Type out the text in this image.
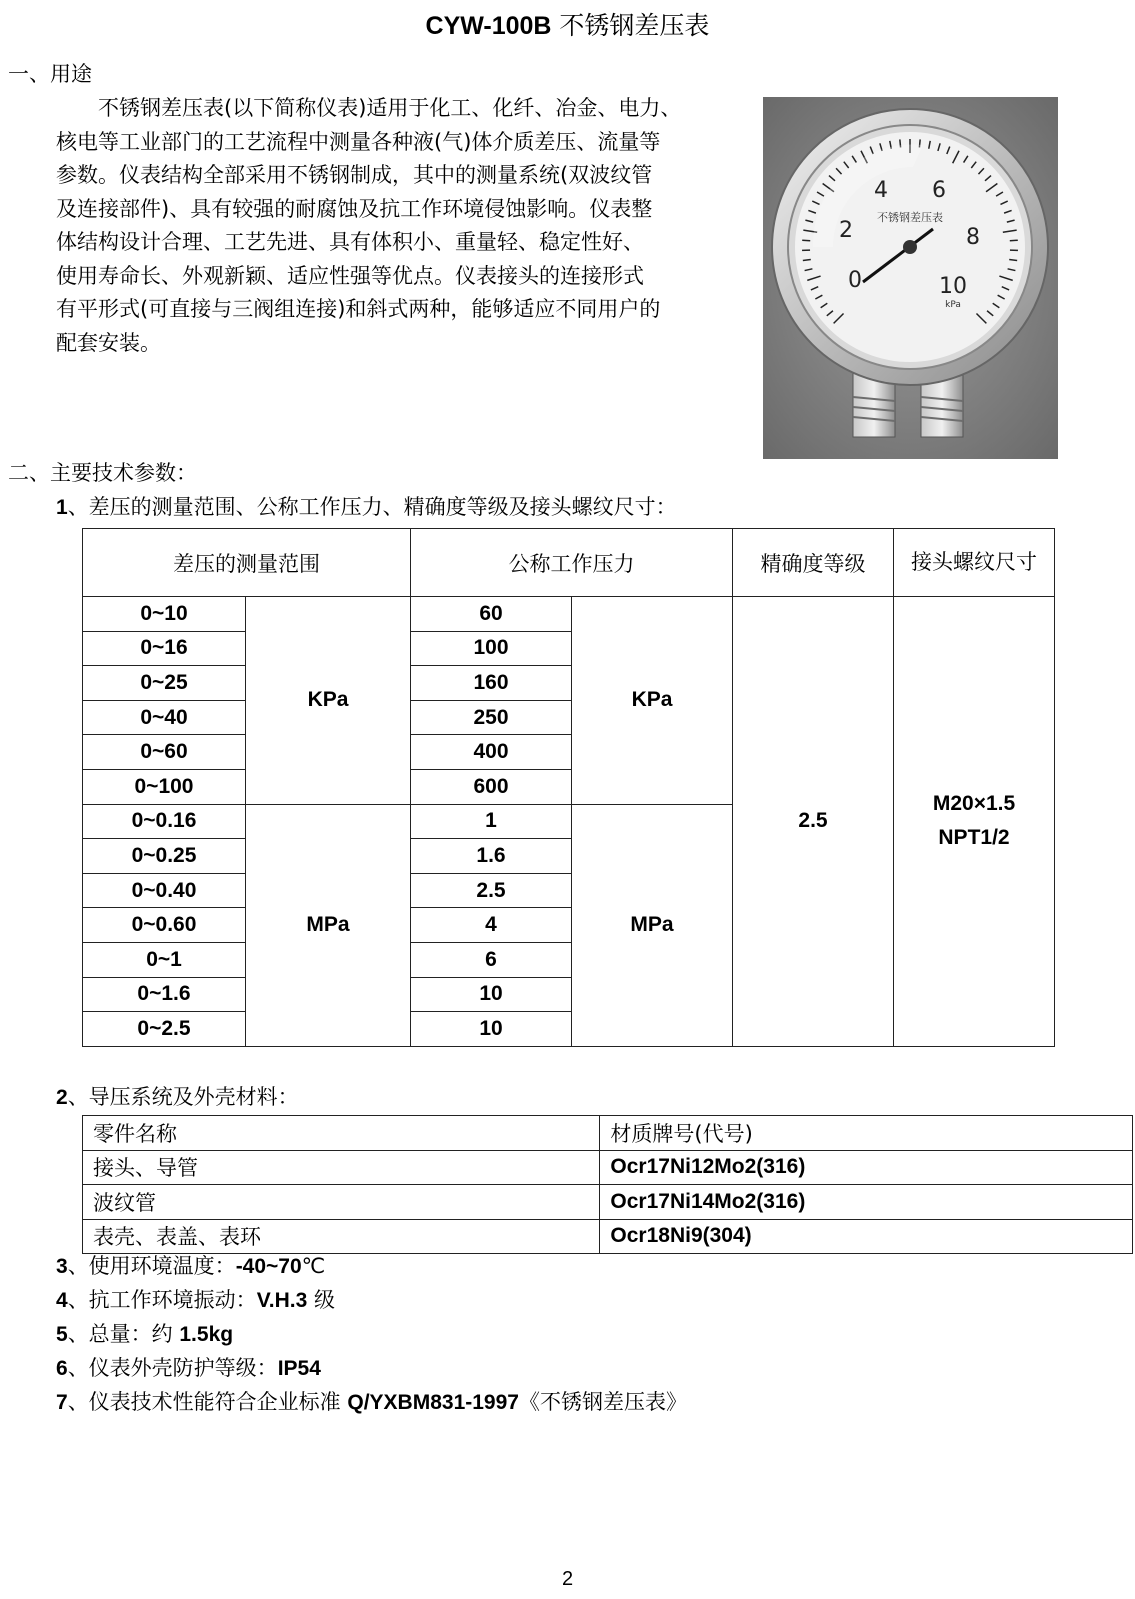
CYW-100B 不锈钢差压表
一、用途

不锈钢差压表(以下简称仪表)适用于化工、化纤、冶金、电力、

核电等工业部门的工艺流程中测量各种液(气)体介质差压、流量等
参数。仪表结构全部采用不锈钢制成，其中的测量系统(双波纹管
及连接部件)、具有较强的耐腐蚀及抗工作环境侵蚀影响。仪表整
体结构设计合理、工艺先进、具有体积小、重量轻、稳定性好、
使用寿命长、外观新颖、适应性强等优点。仪表接头的连接形式
有平形式(可直接与三阀组连接)和斜式两种，能够适应不同用户的
配套安装。
0
2
4 6
8
10
不锈钢差压表
kPa
二、主要技术参数：
1、差压的测量范围、公称工作压力、精确度等级及接头螺纹尺寸：
差压的测量范围		公称工作压力		精确度等级	接头螺纹尺寸
0~10	KPa	60	KPa	2.5	M20×1.5
NPT1/2

0~16		100			
0~25		160			
0~40		250			
0~60		400			
0~100		600			
0~0.16	MPa	1	MPa		
0~0.25		1.6			
0~0.40		2.5			
0~0.60		4			
0~1		6			
0~1.6		10			
0~2.5		10			
2、导压系统及外壳材料：
零件名称	材质牌号(代号)
接头、导管	Ocr17Ni12Mo2(316)
波纹管	Ocr17Ni14Mo2(316)
表壳、表盖、表环	Ocr18Ni9(304)
3、使用环境温度：-40~70℃
4、抗工作环境振动：V.H.3 级
5、总量：约 1.5kg
6、仪表外壳防护等级：IP54
7、仪表技术性能符合企业标准 Q/YXBM831-1997《不锈钢差压表》
2
